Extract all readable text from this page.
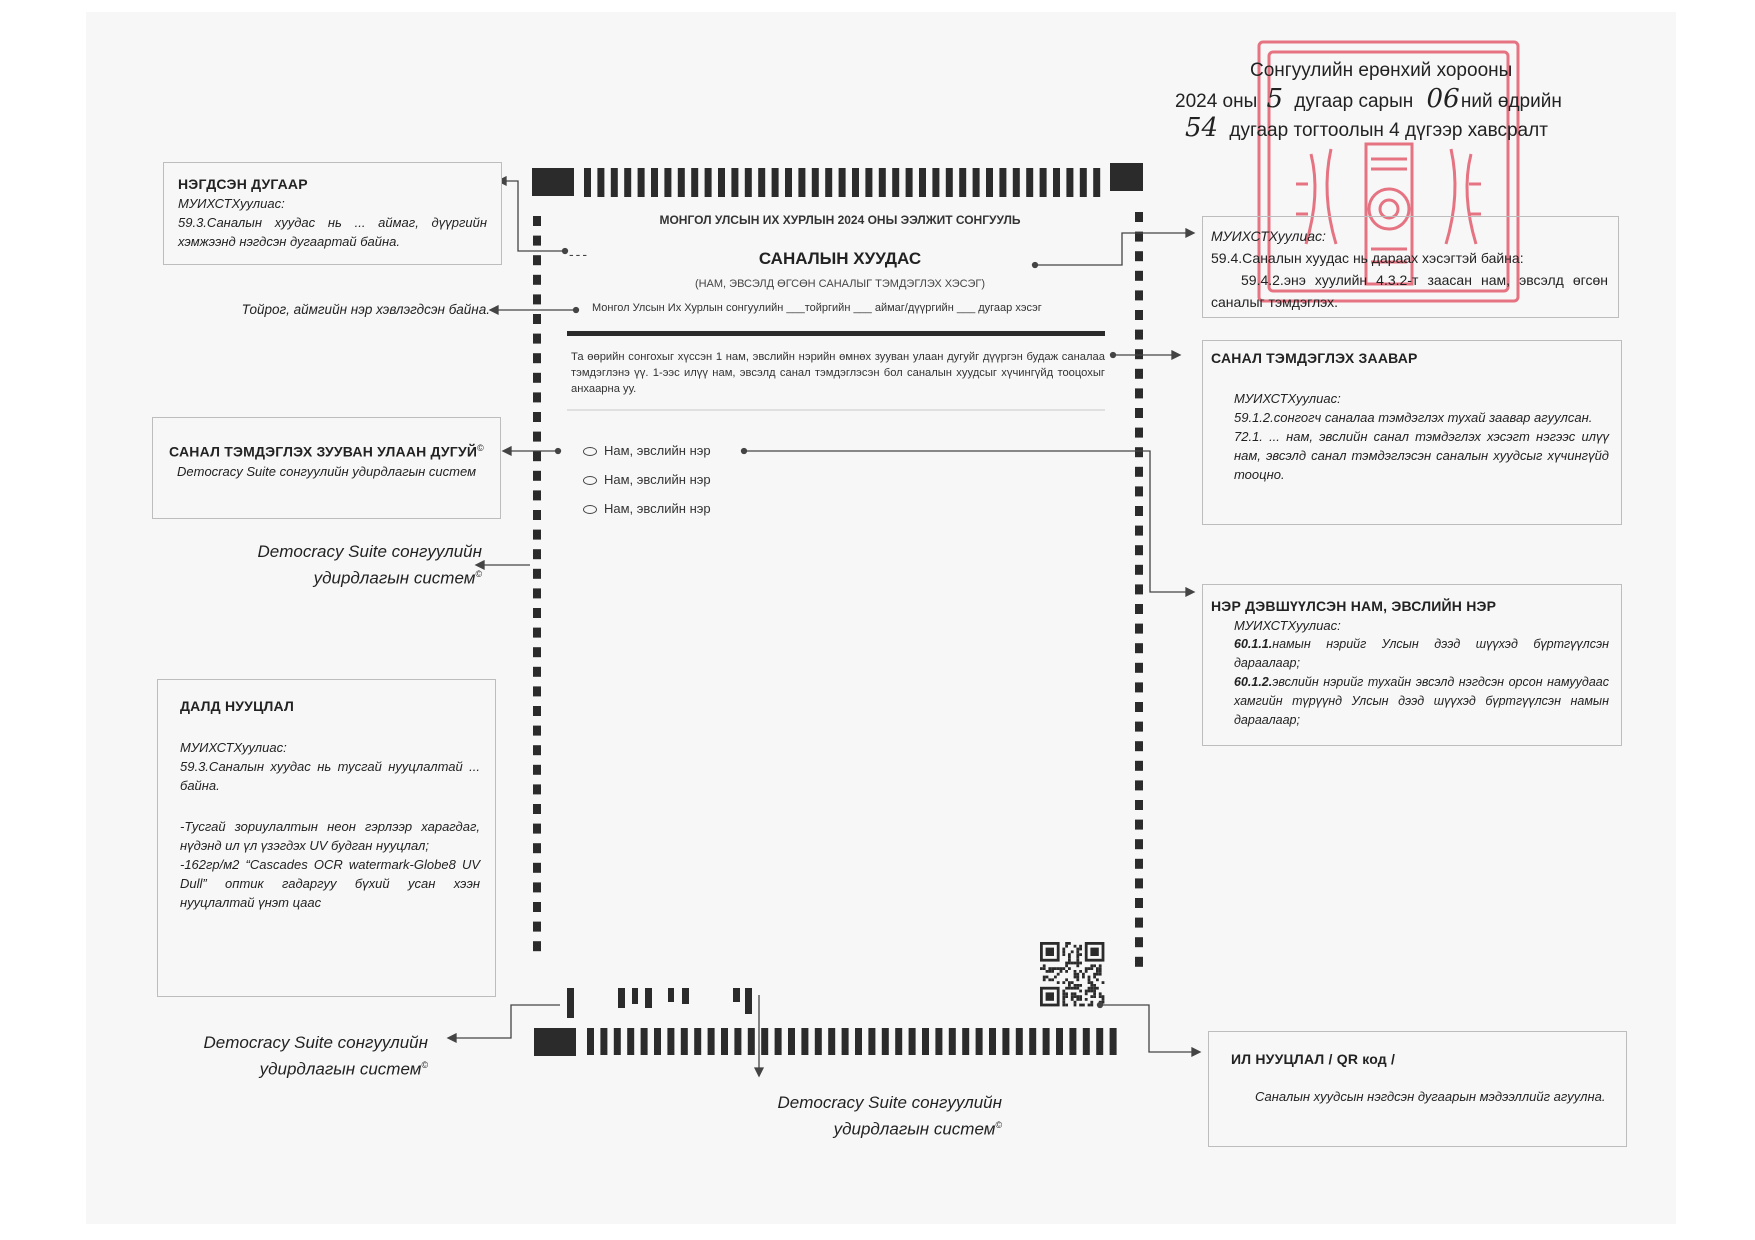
Сонгуулийн ерөнхий хорооны
2024 оны 5 дугаар сарын 06 ний өдрийн
54 дугаар тогтоолын 4 дүгээр хавсралт
МОНГОЛ УЛСЫН ИХ ХУРЛЫН 2024 ОНЫ ЭЭЛЖИТ СОНГУУЛЬ
---	САНАЛЫН ХУУДАС
(НАМ, ЭВСЭЛД ӨГСӨН САНАЛЫГ ТЭМДЭГЛЭХ ХЭСЭГ)
Монгол Улсын Их Хурлын сонгуулийн ___тойргийн ___ аймаг/дүүргийн ___ дугаар хэсэг
Та өөрийн сонгохыг хүссэн 1 нам, эвслийн нэрийн өмнөх зууван улаан дугуйг дүүргэн будаж саналаа тэмдэглэнэ үү. 1-ээс илүү нам, эвсэлд санал тэмдэглэсэн бол саналын хуудсыг хүчингүйд тооцохыг анхаарна уу.
Нам, эвслийн нэр
Нам, эвслийн нэр
Нам, эвслийн нэр
НЭГДСЭН ДУГААР
МУИХСТХуулиас:
59.3.Саналын хуудас нь ... аймаг, дүүргийн хэмжээнд нэгдсэн дугаартай байна.
Тойрог, аймгийн нэр хэвлэгдсэн байна.
САНАЛ ТЭМДЭГЛЭХ ЗУУВАН УЛААН ДУГУЙ©
Democracy Suite сонгуулийн удирдлагын систем
Democracy Suite сонгуулийн
удирдлагын систем©
ДАЛД НУУЦЛАЛ
МУИХСТХуулиас:
59.3.Саналын хуудас нь тусгай нууцлалтай ... байна.
-Тусгай зориулалтын неон гэрлээр харагдаг, нүдэнд ил үл үзэгдэх UV будган нууцлал;
-162гр/м2 “Cascades OCR watermark-Globe8 UV Dull” оптик гадаргуу бүхий усан хээн нууцлалтай үнэт цаас
Democracy Suite сонгуулийн
удирдлагын систем©
Democracy Suite сонгуулийн
удирдлагын систем©
МУИХСТХуулиас:
59.4.Саналын хуудас нь дараах хэсэгтэй байна:
59.4.2.энэ хуулийн 4.3.2-т заасан нам, эвсэлд өгсөн саналыг тэмдэглэх.
САНАЛ ТЭМДЭГЛЭХ ЗААВАР
МУИХСТХуулиас:
59.1.2.сонгогч саналаа тэмдэглэх тухай заавар агуулсан.
72.1. ... нам, эвслийн санал тэмдэглэх хэсэгт нэгээс илүү нам, эвсэлд санал тэмдэглэсэн саналын хуудсыг хүчингүйд тооцно.
НЭР ДЭВШҮҮЛСЭН НАМ, ЭВСЛИЙН НЭР
МУИХСТХуулиас:
60.1.1.намын нэрийг Улсын дээд шүүхэд бүртгүүлсэн дараалаар;
60.1.2.эвслийн нэрийг тухайн эвсэлд нэгдсэн орсон намуудаас хамгийн түрүүнд Улсын дээд шүүхэд бүртгүүлсэн намын дараалаар;
ИЛ НУУЦЛАЛ / QR код /
Саналын хуудсын нэгдсэн дугаарын мэдээллийг агуулна.
